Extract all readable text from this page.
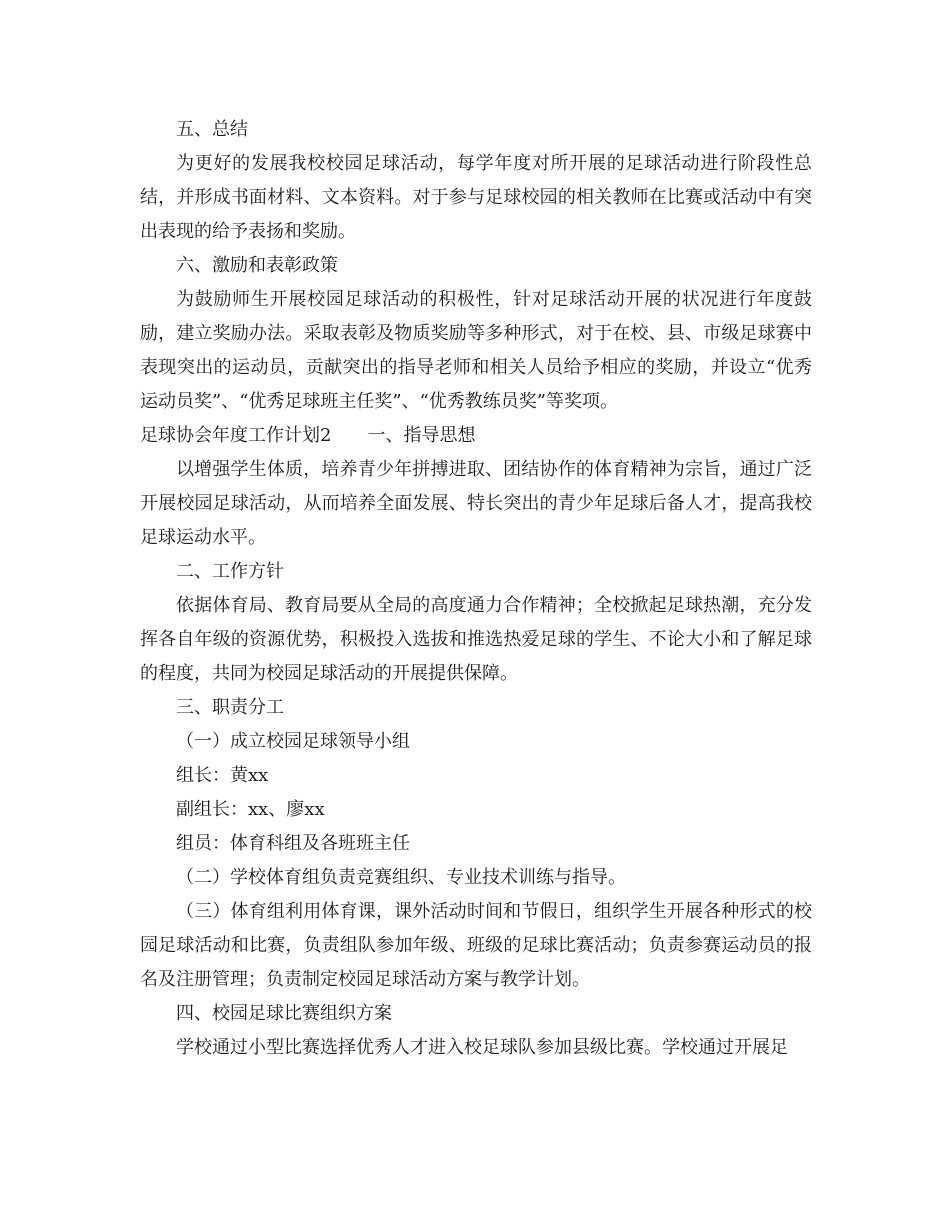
五、总结

为更好的发展我校校园足球活动，每学年度对所开展的足球活动进行阶段性总结，并形成书面材料、文本资料。对于参与足球校园的相关教师在比赛或活动中有突出表现的给予表扬和奖励。

六、激励和表彰政策

为鼓励师生开展校园足球活动的积极性，针对足球活动开展的状况进行年度鼓励，建立奖励办法。采取表彰及物质奖励等多种形式，对于在校、县、市级足球赛中表现突出的运动员，贡献突出的指导老师和相关人员给予相应的奖励，并设立“优秀运动员奖”、“优秀足球班主任奖”、“优秀教练员奖”等奖项。

足球协会年度工作计划2 一、指导思想

以增强学生体质，培养青少年拼搏进取、团结协作的体育精神为宗旨，通过广泛开展校园足球活动，从而培养全面发展、特长突出的青少年足球后备人才，提高我校足球运动水平。

二、工作方针

依据体育局、教育局要从全局的高度通力合作精神；全校掀起足球热潮，充分发挥各自年级的资源优势，积极投入选拔和推选热爱足球的学生、不论大小和了解足球的程度，共同为校园足球活动的开展提供保障。

三、职责分工

（一）成立校园足球领导小组

组长：黄xx

副组长：xx、廖xx

组员：体育科组及各班班主任

（二）学校体育组负责竞赛组织、专业技术训练与指导。

（三）体育组利用体育课，课外活动时间和节假日，组织学生开展各种形式的校园足球活动和比赛，负责组队参加年级、班级的足球比赛活动；负责参赛运动员的报名及注册管理；负责制定校园足球活动方案与教学计划。

四、校园足球比赛组织方案

学校通过小型比赛选择优秀人才进入校足球队参加县级比赛。学校通过开展足
